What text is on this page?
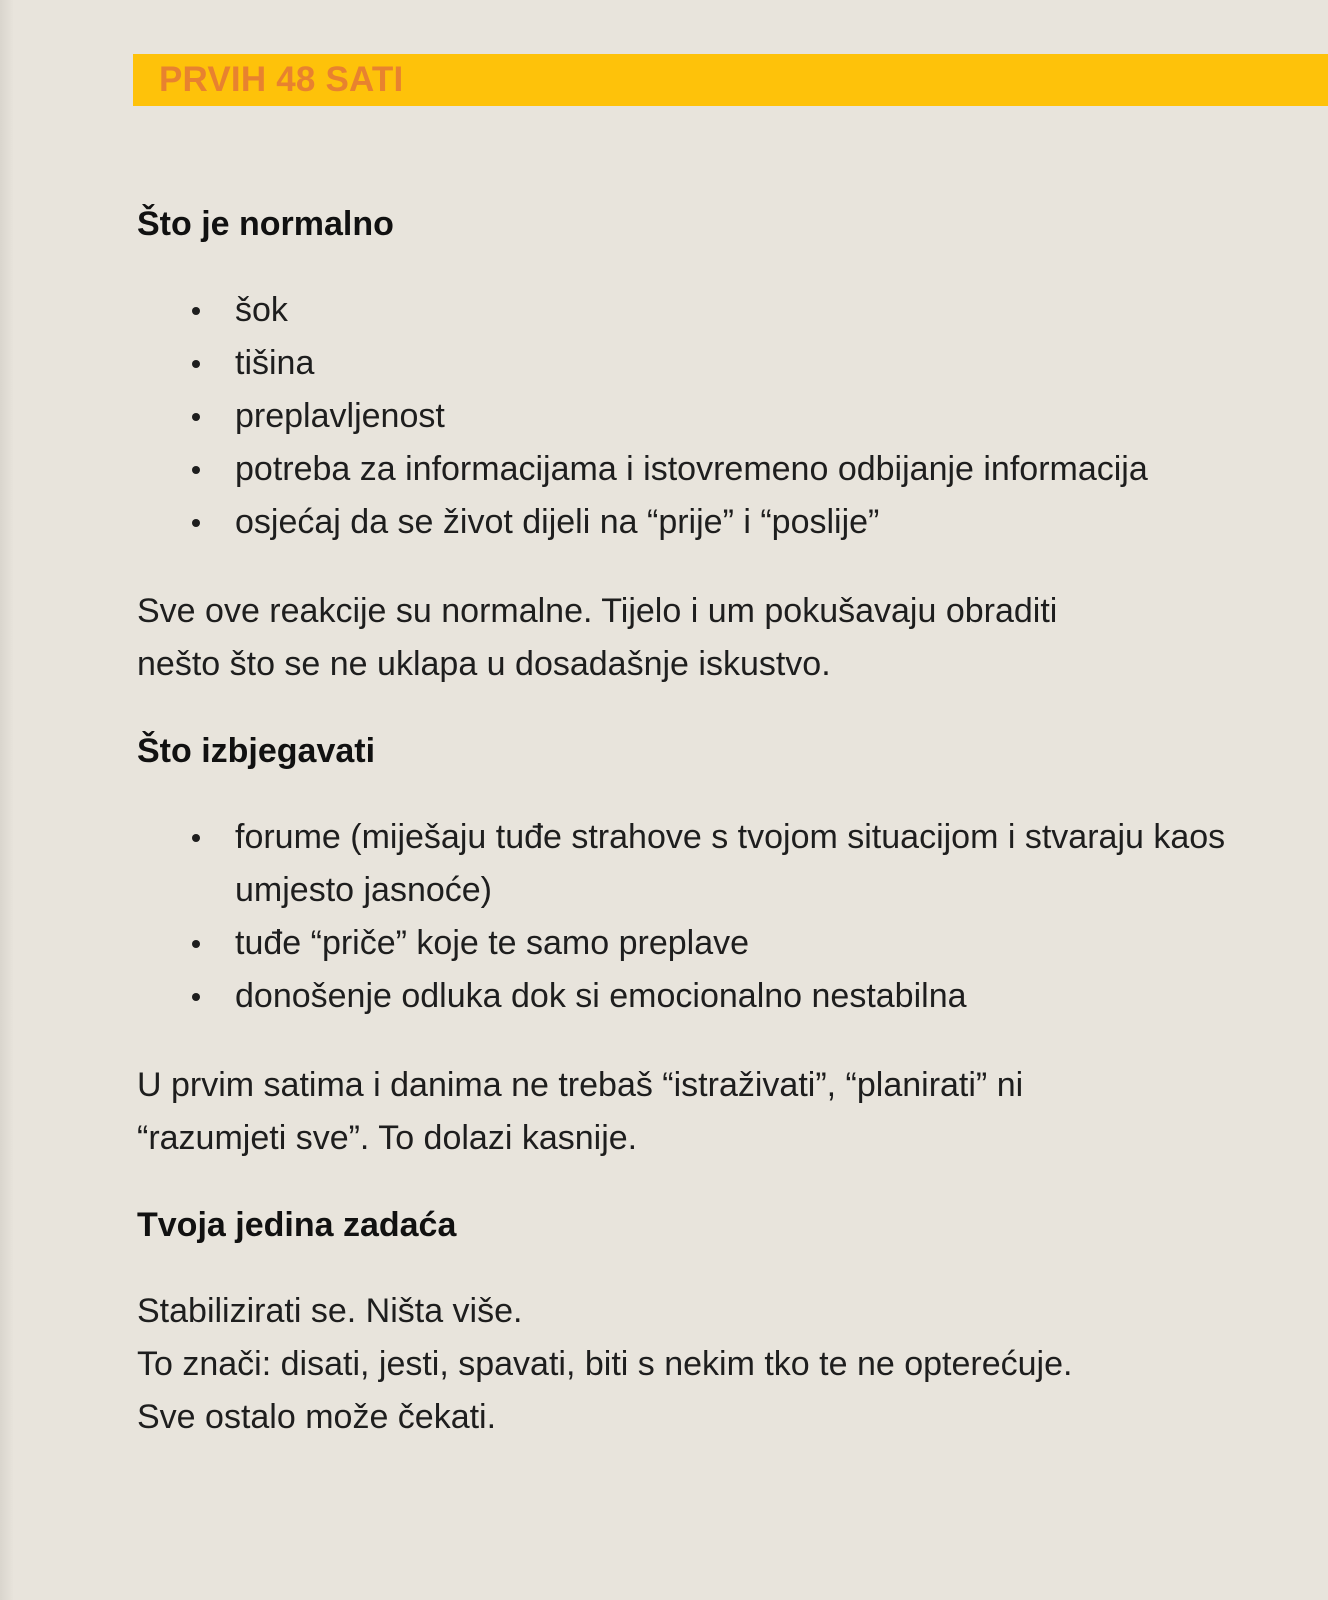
PRVIH 48 SATI
Što je normalno
šok
tišina
preplavljenost
potreba za informacijama i istovremeno odbijanje informacija
osjećaj da se život dijeli na “prije” i “poslije”

Sve ove reakcije su normalne. Tijelo i um pokušavaju obraditi
nešto što se ne uklapa u dosadašnje iskustvo.

Što izbjegavati
forume (miješaju tuđe strahove s tvojom situacijom i stvaraju kaos umjesto jasnoće)
tuđe “priče” koje te samo preplave
donošenje odluka dok si emocionalno nestabilna

U prvim satima i danima ne trebaš “istraživati”, “planirati” ni
“razumjeti sve”. To dolazi kasnije.

Tvoja jedina zadaća

Stabilizirati se. Ništa više.
To znači: disati, jesti, spavati, biti s nekim tko te ne opterećuje.
Sve ostalo može čekati.
